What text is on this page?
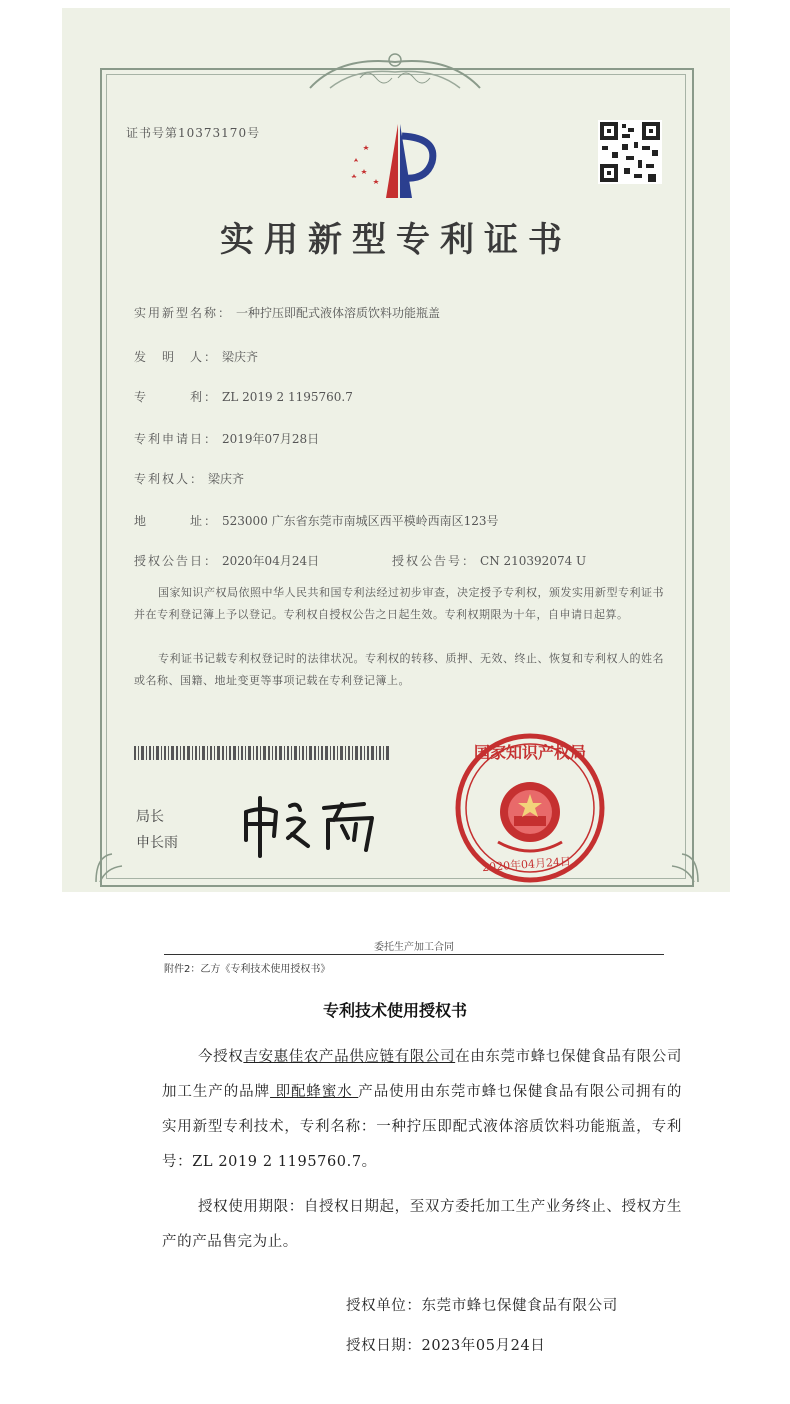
证书号第10373170号
实用新型专利证书
实用新型名称： 一种拧压即配式液体溶质饮料功能瓶盖
发　明　人： 梁庆齐
专　　　利： ZL 2019 2 1195760.7
专利申请日： 2019年07月28日
专利权人： 梁庆齐
地　　　址： 523000 广东省东莞市南城区西平模岭西南区123号
授权公告日： 2020年04月24日	授权公告号： CN 210392074 U
国家知识产权局依照中华人民共和国专利法经过初步审查，决定授予专利权，颁发实用新型专利证书并在专利登记簿上予以登记。专利权自授权公告之日起生效。专利权期限为十年，自申请日起算。
专利证书记载专利权登记时的法律状况。专利权的转移、质押、无效、终止、恢复和专利权人的姓名或名称、国籍、地址变更等事项记载在专利登记簿上。
局长
申长雨
国家知识产权局
2020年04月24日
委托生产加工合同
附件2：乙方《专利技术使用授权书》
专利技术使用授权书
今授权吉安惠佳农产品供应链有限公司在由东莞市蜂乜保健食品有限公司加工生产的品牌 即配蜂蜜水 产品使用由东莞市蜂乜保健食品有限公司拥有的实用新型专利技术，专利名称：一种拧压即配式液体溶质饮料功能瓶盖，专利号：ZL 2019 2 1195760.7。
授权使用期限：自授权日期起，至双方委托加工生产业务终止、授权方生产的产品售完为止。
授权单位：东莞市蜂乜保健食品有限公司
授权日期：2023年05月24日
